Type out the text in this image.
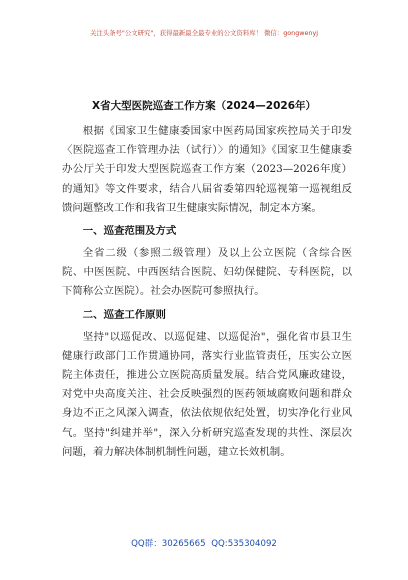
关注头条号"公文研究"，获得最新最全最专业的公文资料库！ 微信：gongwenyj
X省大型医院巡查工作方案（2024—2026年）

根据《国家卫生健康委国家中医药局国家疾控局关于印发〈医院巡查工作管理办法（试行）〉的通知》《国家卫生健康委办公厅关于印发大型医院巡查工作方案（2023—2026年度）的通知》等文件要求，结合八届省委第四轮巡视第一巡视组反馈问题整改工作和我省卫生健康实际情况，制定本方案。

一、巡查范围及方式

全省二级（参照二级管理）及以上公立医院（含综合医院、中医医院、中西医结合医院、妇幼保健院、专科医院，以下简称公立医院）。社会办医院可参照执行。

二、巡查工作原则

坚持"以巡促改、以巡促建、以巡促治"，强化省市县卫生健康行政部门工作贯通协同，落实行业监管责任，压实公立医院主体责任，推进公立医院高质量发展。结合党风廉政建设，对党中央高度关注、社会反映强烈的医药领域腐败问题和群众身边不正之风深入调查，依法依规依纪处置，切实净化行业风气。坚持"纠建并举"，深入分析研究巡查发现的共性、深层次问题，着力解决体制机制性问题，建立长效机制。

QQ群：30265665 QQ:535304092
